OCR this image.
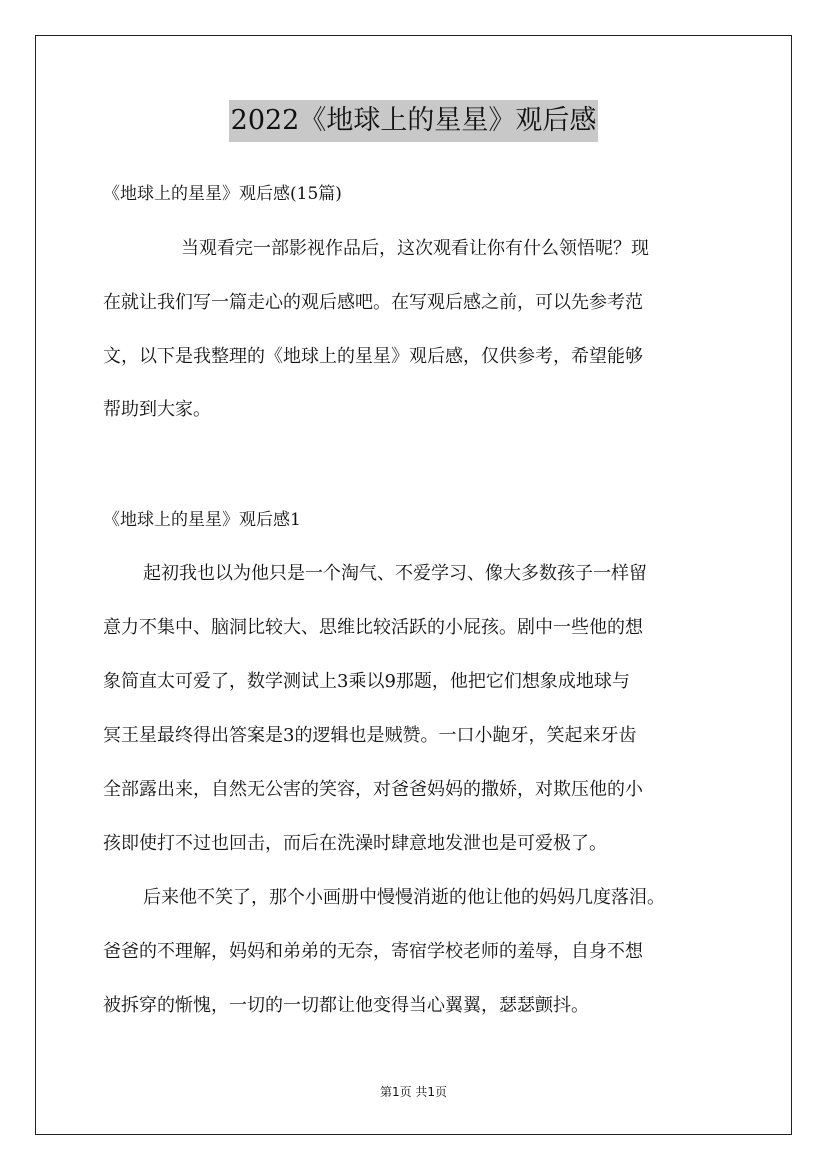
2022《地球上的星星》观后感
《地球上的星星》观后感(15篇)
当观看完一部影视作品后，这次观看让你有什么领悟呢？现
在就让我们写一篇走心的观后感吧。在写观后感之前，可以先参考范
文，以下是我整理的《地球上的星星》观后感，仅供参考，希望能够
帮助到大家。
《地球上的星星》观后感1
起初我也以为他只是一个淘气、不爱学习、像大多数孩子一样留
意力不集中、脑洞比较大、思维比较活跃的小屁孩。剧中一些他的想
象简直太可爱了，数学测试上3乘以9那题，他把它们想象成地球与
冥王星最终得出答案是3的逻辑也是贼赞。一口小龅牙，笑起来牙齿
全部露出来，自然无公害的笑容，对爸爸妈妈的撒娇，对欺压他的小
孩即使打不过也回击，而后在洗澡时肆意地发泄也是可爱极了。
后来他不笑了，那个小画册中慢慢消逝的他让他的妈妈几度落泪。
爸爸的不理解，妈妈和弟弟的无奈，寄宿学校老师的羞辱，自身不想
被拆穿的惭愧，一切的一切都让他变得当心翼翼，瑟瑟颤抖。
第1页 共1页
